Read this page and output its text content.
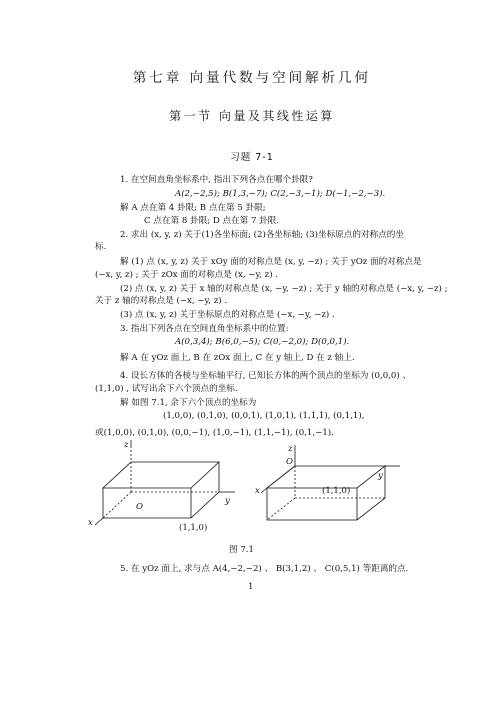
第七章 向量代数与空间解析几何
第一节 向量及其线性运算
习题 7-1
1. 在空间直角坐标系中, 指出下列各点在哪个卦限?
A(2,−2,5); B(1,3,−7); C(2,−3,−1); D(−1,−2,−3).
解 A 点在第 4 卦限; B 点在第 5 卦限;
C 点在第 8 卦限; D 点在第 7 卦限.
2. 求出 (x, y, z) 关于(1)各坐标面; (2)各坐标轴; (3)坐标原点的对称点的坐
标.
解 (1) 点 (x, y, z) 关于 xOy 面的对称点是 (x, y, −z) ; 关于 yOz 面的对称点是
(−x, y, z) ; 关于 zOx 面的对称点是 (x, −y, z) .
(2) 点 (x, y, z) 关于 x 轴的对称点是 (x, −y, −z) ; 关于 y 轴的对称点是 (−x, y, −z) ;
关于 z 轴的对称点是 (−x, −y, z) .
(3) 点 (x, y, z) 关于坐标原点的对称点是 (−x, −y, −z) .
3. 指出下列各点在空间直角坐标系中的位置:
A(0,3,4); B(6,0,−5); C(0,−2,0); D(0,0,1).
解 A 在 yOz 面上, B 在 zOx 面上, C 在 y 轴上, D 在 z 轴上.
4. 设长方体的各棱与坐标轴平行, 已知长方体的两个顶点的坐标为 (0,0,0) 、
(1,1,0) , 试写出余下六个顶点的坐标.
解 如图 7.1, 余下六个顶点的坐标为
(1,0,0), (0,1,0), (0,0,1), (1,0,1), (1,1,1), (0,1,1),
或(1,0,0), (0,1,0), (0,0,−1), (1,0,−1), (1,1,−1), (0,1,−1).
z
y
x
O
(1,1,0)
z
O
y
x	(1,1,0)
图 7.1
5. 在 yOz 面上, 求与点 A(4,−2,−2) 、 B(3,1,2) 、 C(0,5,1) 等距离的点.
1
